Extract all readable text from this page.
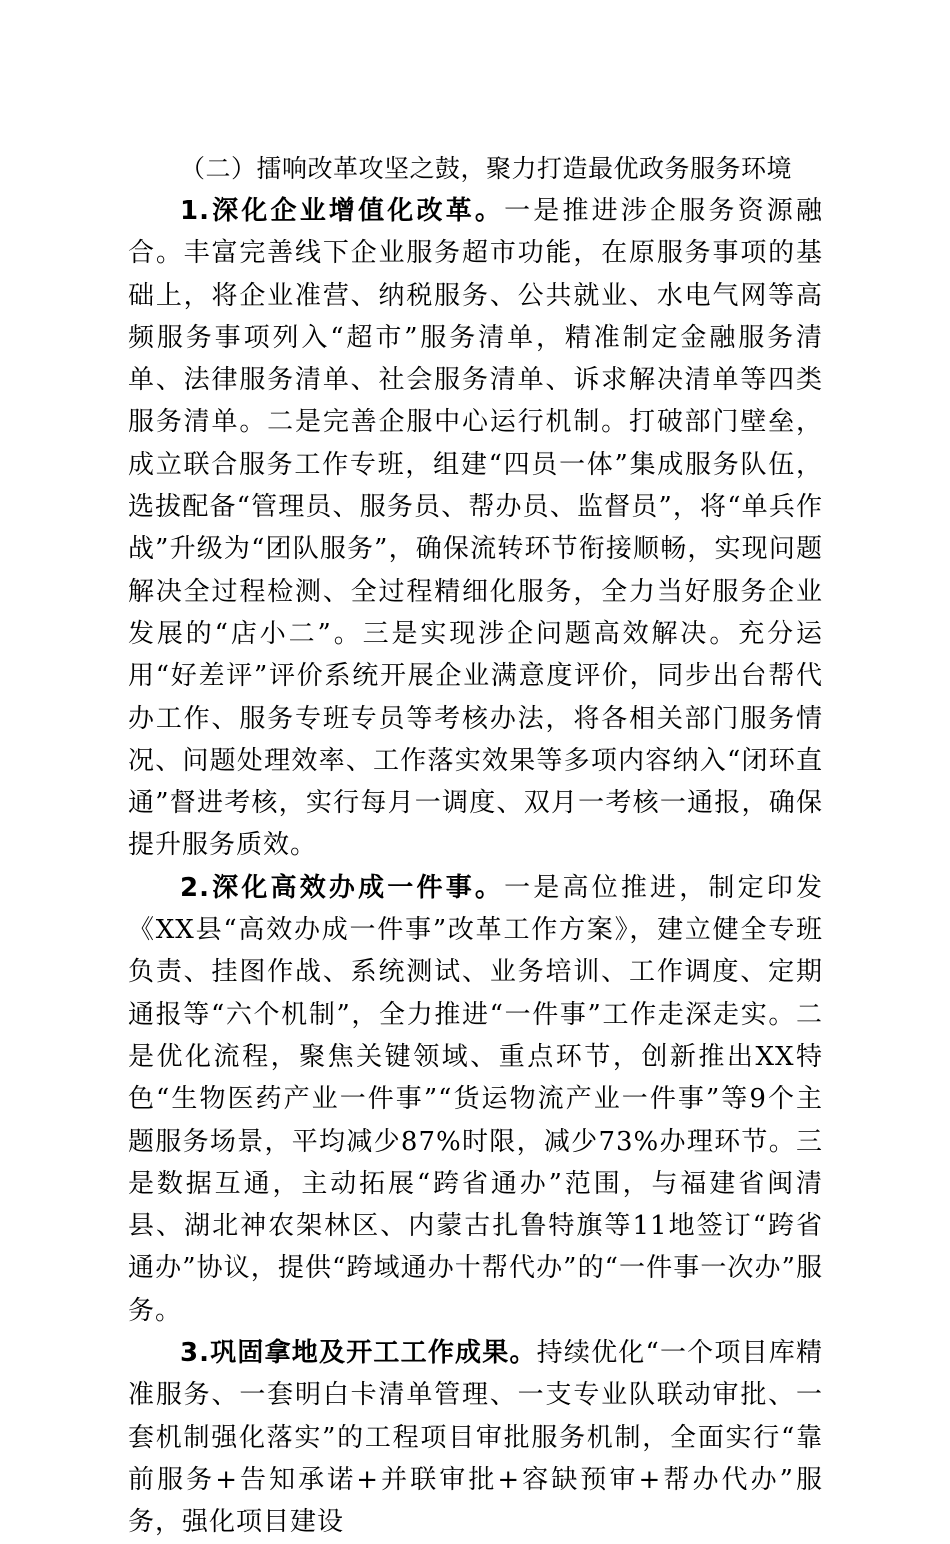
（二）擂响改革攻坚之鼓，聚力打造最优政务服务环境

1.深化企业增值化改革。一是推进涉企服务资源融合。丰富完善线下企业服务超市功能，在原服务事项的基础上，将企业准营、纳税服务、公共就业、水电气网等高频服务事项列入“超市”服务清单，精准制定金融服务清单、法律服务清单、社会服务清单、诉求解决清单等四类服务清单。二是完善企服中心运行机制。打破部门壁垒，成立联合服务工作专班，组建“四员一体”集成服务队伍，选拔配备“管理员、服务员、帮办员、监督员”，将“单兵作战”升级为“团队服务”，确保流转环节衔接顺畅，实现问题解决全过程检测、全过程精细化服务，全力当好服务企业发展的“店小二”。三是实现涉企问题高效解决。充分运用“好差评”评价系统开展企业满意度评价，同步出台帮代办工作、服务专班专员等考核办法，将各相关部门服务情况、问题处理效率、工作落实效果等多项内容纳入“闭环直通”督进考核，实行每月一调度、双月一考核一通报，确保提升服务质效。

2.深化高效办成一件事。一是高位推进，制定印发《XX县“高效办成一件事”改革工作方案》，建立健全专班负责、挂图作战、系统测试、业务培训、工作调度、定期通报等“六个机制”，全力推进“一件事”工作走深走实。二是优化流程，聚焦关键领域、重点环节，创新推出XX特色“生物医药产业一件事”“货运物流产业一件事”等9个主题服务场景，平均减少87%时限，减少73%办理环节。三是数据互通，主动拓展“跨省通办”范围，与福建省闽清县、湖北神农架林区、内蒙古扎鲁特旗等11地签订“跨省通办”协议，提供“跨域通办十帮代办”的“一件事一次办”服务。

3.巩固拿地及开工工作成果。持续优化“一个项目库精准服务、一套明白卡清单管理、一支专业队联动审批、一套机制强化落实”的工程项目审批服务机制，全面实行“靠前服务+告知承诺+并联审批+容缺预审+帮办代办”服务，强化项目建设
